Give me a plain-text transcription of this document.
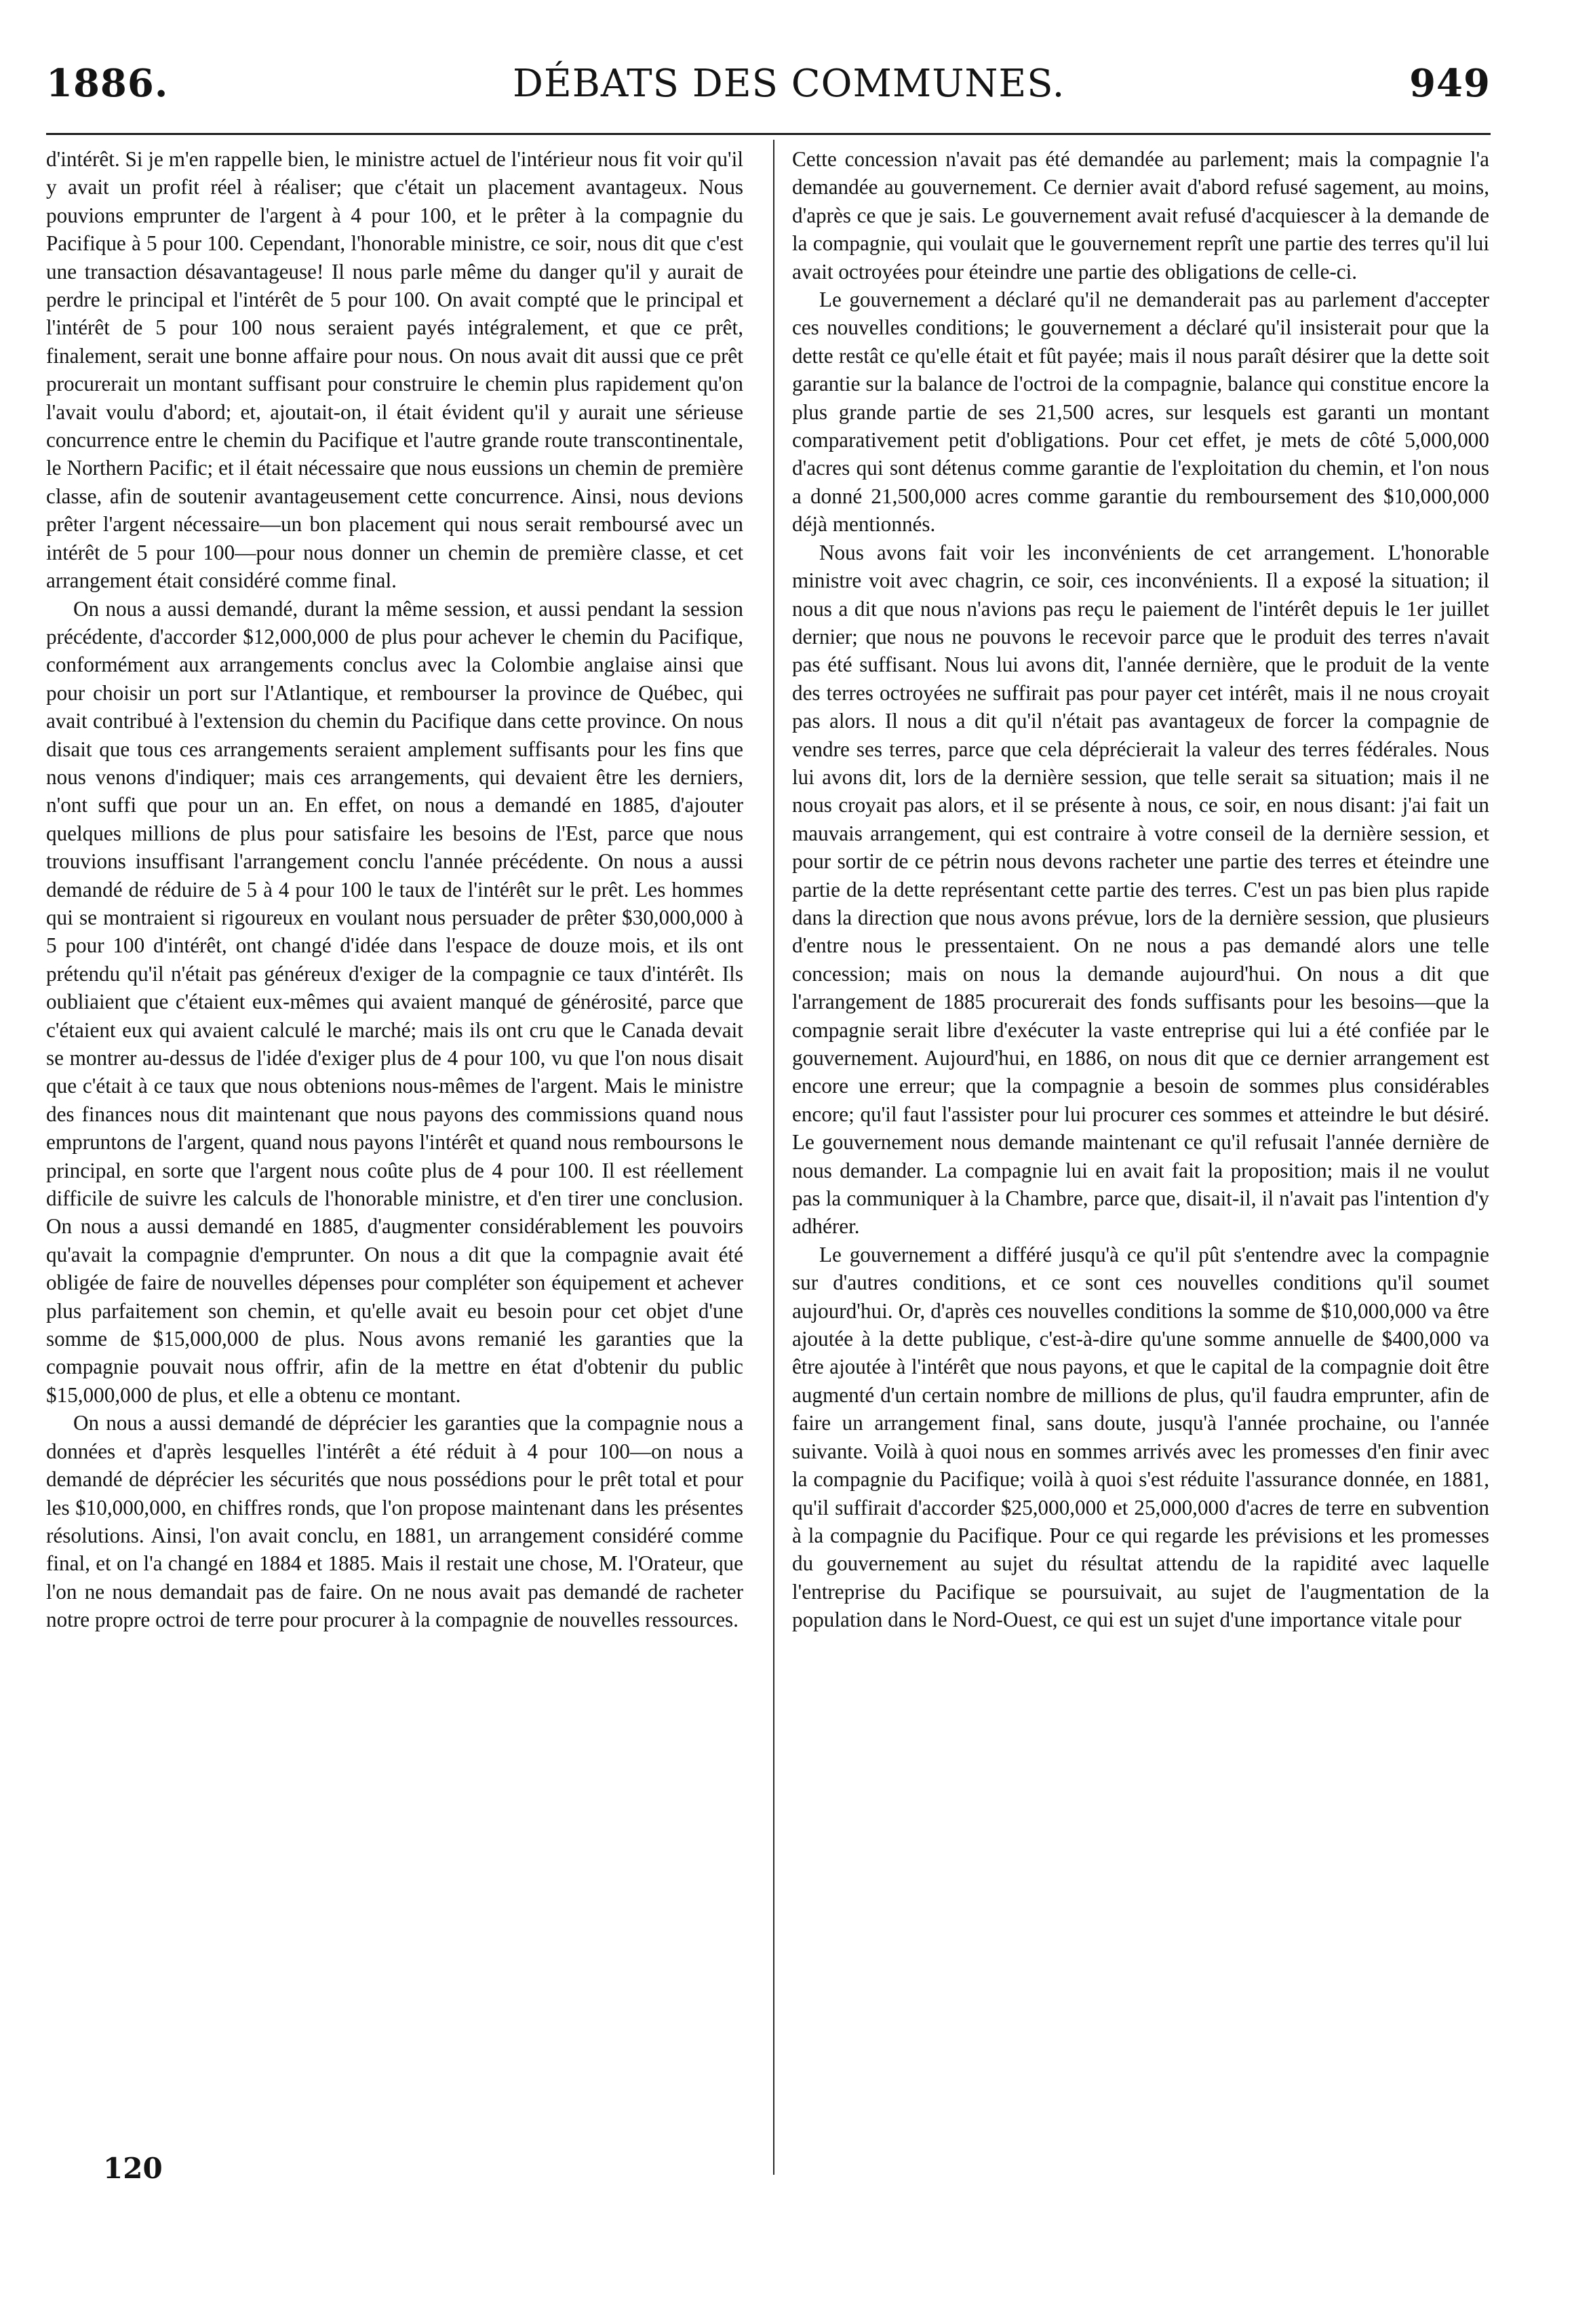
1886.	DÉBATS DES COMMUNES.	949

d'intérêt. Si je m'en rappelle bien, le ministre actuel de l'intérieur nous fit voir qu'il y avait un profit réel à réaliser; que c'était un placement avantageux. Nous pouvions emprunter de l'argent à 4 pour 100, et le prêter à la compagnie du Pacifique à 5 pour 100. Cependant, l'honorable ministre, ce soir, nous dit que c'est une transaction désavantageuse! Il nous parle même du danger qu'il y aurait de perdre le principal et l'intérêt de 5 pour 100. On avait compté que le principal et l'intérêt de 5 pour 100 nous seraient payés intégralement, et que ce prêt, finalement, serait une bonne affaire pour nous. On nous avait dit aussi que ce prêt procurerait un montant suffisant pour construire le chemin plus rapidement qu'on l'avait voulu d'abord; et, ajoutait-on, il était évident qu'il y aurait une sérieuse concurrence entre le chemin du Pacifique et l'autre grande route transcontinentale, le Northern Pacific; et il était nécessaire que nous eussions un chemin de première classe, afin de soutenir avantageusement cette concurrence. Ainsi, nous devions prêter l'argent nécessaire—un bon placement qui nous serait remboursé avec un intérêt de 5 pour 100—pour nous donner un chemin de première classe, et cet arrangement était considéré comme final.

On nous a aussi demandé, durant la même session, et aussi pendant la session précédente, d'accorder $12,000,000 de plus pour achever le chemin du Pacifique, conformément aux arrangements conclus avec la Colombie anglaise ainsi que pour choisir un port sur l'Atlantique, et rembourser la province de Québec, qui avait contribué à l'extension du chemin du Pacifique dans cette province. On nous disait que tous ces arrangements seraient amplement suffisants pour les fins que nous venons d'indiquer; mais ces arrangements, qui devaient être les derniers, n'ont suffi que pour un an. En effet, on nous a demandé en 1885, d'ajouter quelques millions de plus pour satisfaire les besoins de l'Est, parce que nous trouvions insuffisant l'arrangement conclu l'année précédente. On nous a aussi demandé de réduire de 5 à 4 pour 100 le taux de l'intérêt sur le prêt. Les hommes qui se montraient si rigoureux en voulant nous persuader de prêter $30,000,000 à 5 pour 100 d'intérêt, ont changé d'idée dans l'espace de douze mois, et ils ont prétendu qu'il n'était pas généreux d'exiger de la compagnie ce taux d'intérêt. Ils oubliaient que c'étaient eux-mêmes qui avaient manqué de générosité, parce que c'étaient eux qui avaient calculé le marché; mais ils ont cru que le Canada devait se montrer au-dessus de l'idée d'exiger plus de 4 pour 100, vu que l'on nous disait que c'était à ce taux que nous obtenions nous-mêmes de l'argent. Mais le ministre des finances nous dit maintenant que nous payons des commissions quand nous empruntons de l'argent, quand nous payons l'intérêt et quand nous remboursons le principal, en sorte que l'argent nous coûte plus de 4 pour 100. Il est réellement difficile de suivre les calculs de l'honorable ministre, et d'en tirer une conclusion. On nous a aussi demandé en 1885, d'augmenter considérablement les pouvoirs qu'avait la compagnie d'emprunter. On nous a dit que la compagnie avait été obligée de faire de nouvelles dépenses pour compléter son équipement et achever plus parfaitement son chemin, et qu'elle avait eu besoin pour cet objet d'une somme de $15,000,000 de plus. Nous avons remanié les garanties que la compagnie pouvait nous offrir, afin de la mettre en état d'obtenir du public $15,000,000 de plus, et elle a obtenu ce montant.

On nous a aussi demandé de déprécier les garanties que la compagnie nous a données et d'après lesquelles l'intérêt a été réduit à 4 pour 100—on nous a demandé de déprécier les sécurités que nous possédions pour le prêt total et pour les $10,000,000, en chiffres ronds, que l'on propose maintenant dans les présentes résolutions. Ainsi, l'on avait conclu, en 1881, un arrangement considéré comme final, et on l'a changé en 1884 et 1885. Mais il restait une chose, M. l'Orateur, que l'on ne nous demandait pas de faire. On ne nous avait pas demandé de racheter notre propre octroi de terre pour procurer à la compagnie de nouvelles ressources.

Cette concession n'avait pas été demandée au parlement; mais la compagnie l'a demandée au gouvernement. Ce dernier avait d'abord refusé sagement, au moins, d'après ce que je sais. Le gouvernement avait refusé d'acquiescer à la demande de la compagnie, qui voulait que le gouvernement reprît une partie des terres qu'il lui avait octroyées pour éteindre une partie des obligations de celle-ci.

Le gouvernement a déclaré qu'il ne demanderait pas au parlement d'accepter ces nouvelles conditions; le gouvernement a déclaré qu'il insisterait pour que la dette restât ce qu'elle était et fût payée; mais il nous paraît désirer que la dette soit garantie sur la balance de l'octroi de la compagnie, balance qui constitue encore la plus grande partie de ses 21,500 acres, sur lesquels est garanti un montant comparativement petit d'obligations. Pour cet effet, je mets de côté 5,000,000 d'acres qui sont détenus comme garantie de l'exploitation du chemin, et l'on nous a donné 21,500,000 acres comme garantie du remboursement des $10,000,000 déjà mentionnés.

Nous avons fait voir les inconvénients de cet arrangement. L'honorable ministre voit avec chagrin, ce soir, ces inconvénients. Il a exposé la situation; il nous a dit que nous n'avions pas reçu le paiement de l'intérêt depuis le 1er juillet dernier; que nous ne pouvons le recevoir parce que le produit des terres n'avait pas été suffisant. Nous lui avons dit, l'année dernière, que le produit de la vente des terres octroyées ne suffirait pas pour payer cet intérêt, mais il ne nous croyait pas alors. Il nous a dit qu'il n'était pas avantageux de forcer la compagnie de vendre ses terres, parce que cela déprécierait la valeur des terres fédérales. Nous lui avons dit, lors de la dernière session, que telle serait sa situation; mais il ne nous croyait pas alors, et il se présente à nous, ce soir, en nous disant: j'ai fait un mauvais arrangement, qui est contraire à votre conseil de la dernière session, et pour sortir de ce pétrin nous devons racheter une partie des terres et éteindre une partie de la dette représentant cette partie des terres. C'est un pas bien plus rapide dans la direction que nous avons prévue, lors de la dernière session, que plusieurs d'entre nous le pressentaient. On ne nous a pas demandé alors une telle concession; mais on nous la demande aujourd'hui. On nous a dit que l'arrangement de 1885 procurerait des fonds suffisants pour les besoins—que la compagnie serait libre d'exécuter la vaste entreprise qui lui a été confiée par le gouvernement. Aujourd'hui, en 1886, on nous dit que ce dernier arrangement est encore une erreur; que la compagnie a besoin de sommes plus considérables encore; qu'il faut l'assister pour lui procurer ces sommes et atteindre le but désiré. Le gouvernement nous demande maintenant ce qu'il refusait l'année dernière de nous demander. La compagnie lui en avait fait la proposition; mais il ne voulut pas la communiquer à la Chambre, parce que, disait-il, il n'avait pas l'intention d'y adhérer.

Le gouvernement a différé jusqu'à ce qu'il pût s'entendre avec la compagnie sur d'autres conditions, et ce sont ces nouvelles conditions qu'il soumet aujourd'hui. Or, d'après ces nouvelles conditions la somme de $10,000,000 va être ajoutée à la dette publique, c'est-à-dire qu'une somme annuelle de $400,000 va être ajoutée à l'intérêt que nous payons, et que le capital de la compagnie doit être augmenté d'un certain nombre de millions de plus, qu'il faudra emprunter, afin de faire un arrangement final, sans doute, jusqu'à l'année prochaine, ou l'année suivante. Voilà à quoi nous en sommes arrivés avec les promesses d'en finir avec la compagnie du Pacifique; voilà à quoi s'est réduite l'assurance donnée, en 1881, qu'il suffirait d'accorder $25,000,000 et 25,000,000 d'acres de terre en subvention à la compagnie du Pacifique. Pour ce qui regarde les prévisions et les promesses du gouvernement au sujet du résultat attendu de la rapidité avec laquelle l'entreprise du Pacifique se poursuivait, au sujet de l'augmentation de la population dans le Nord-Ouest, ce qui est un sujet d'une importance vitale pour

120
